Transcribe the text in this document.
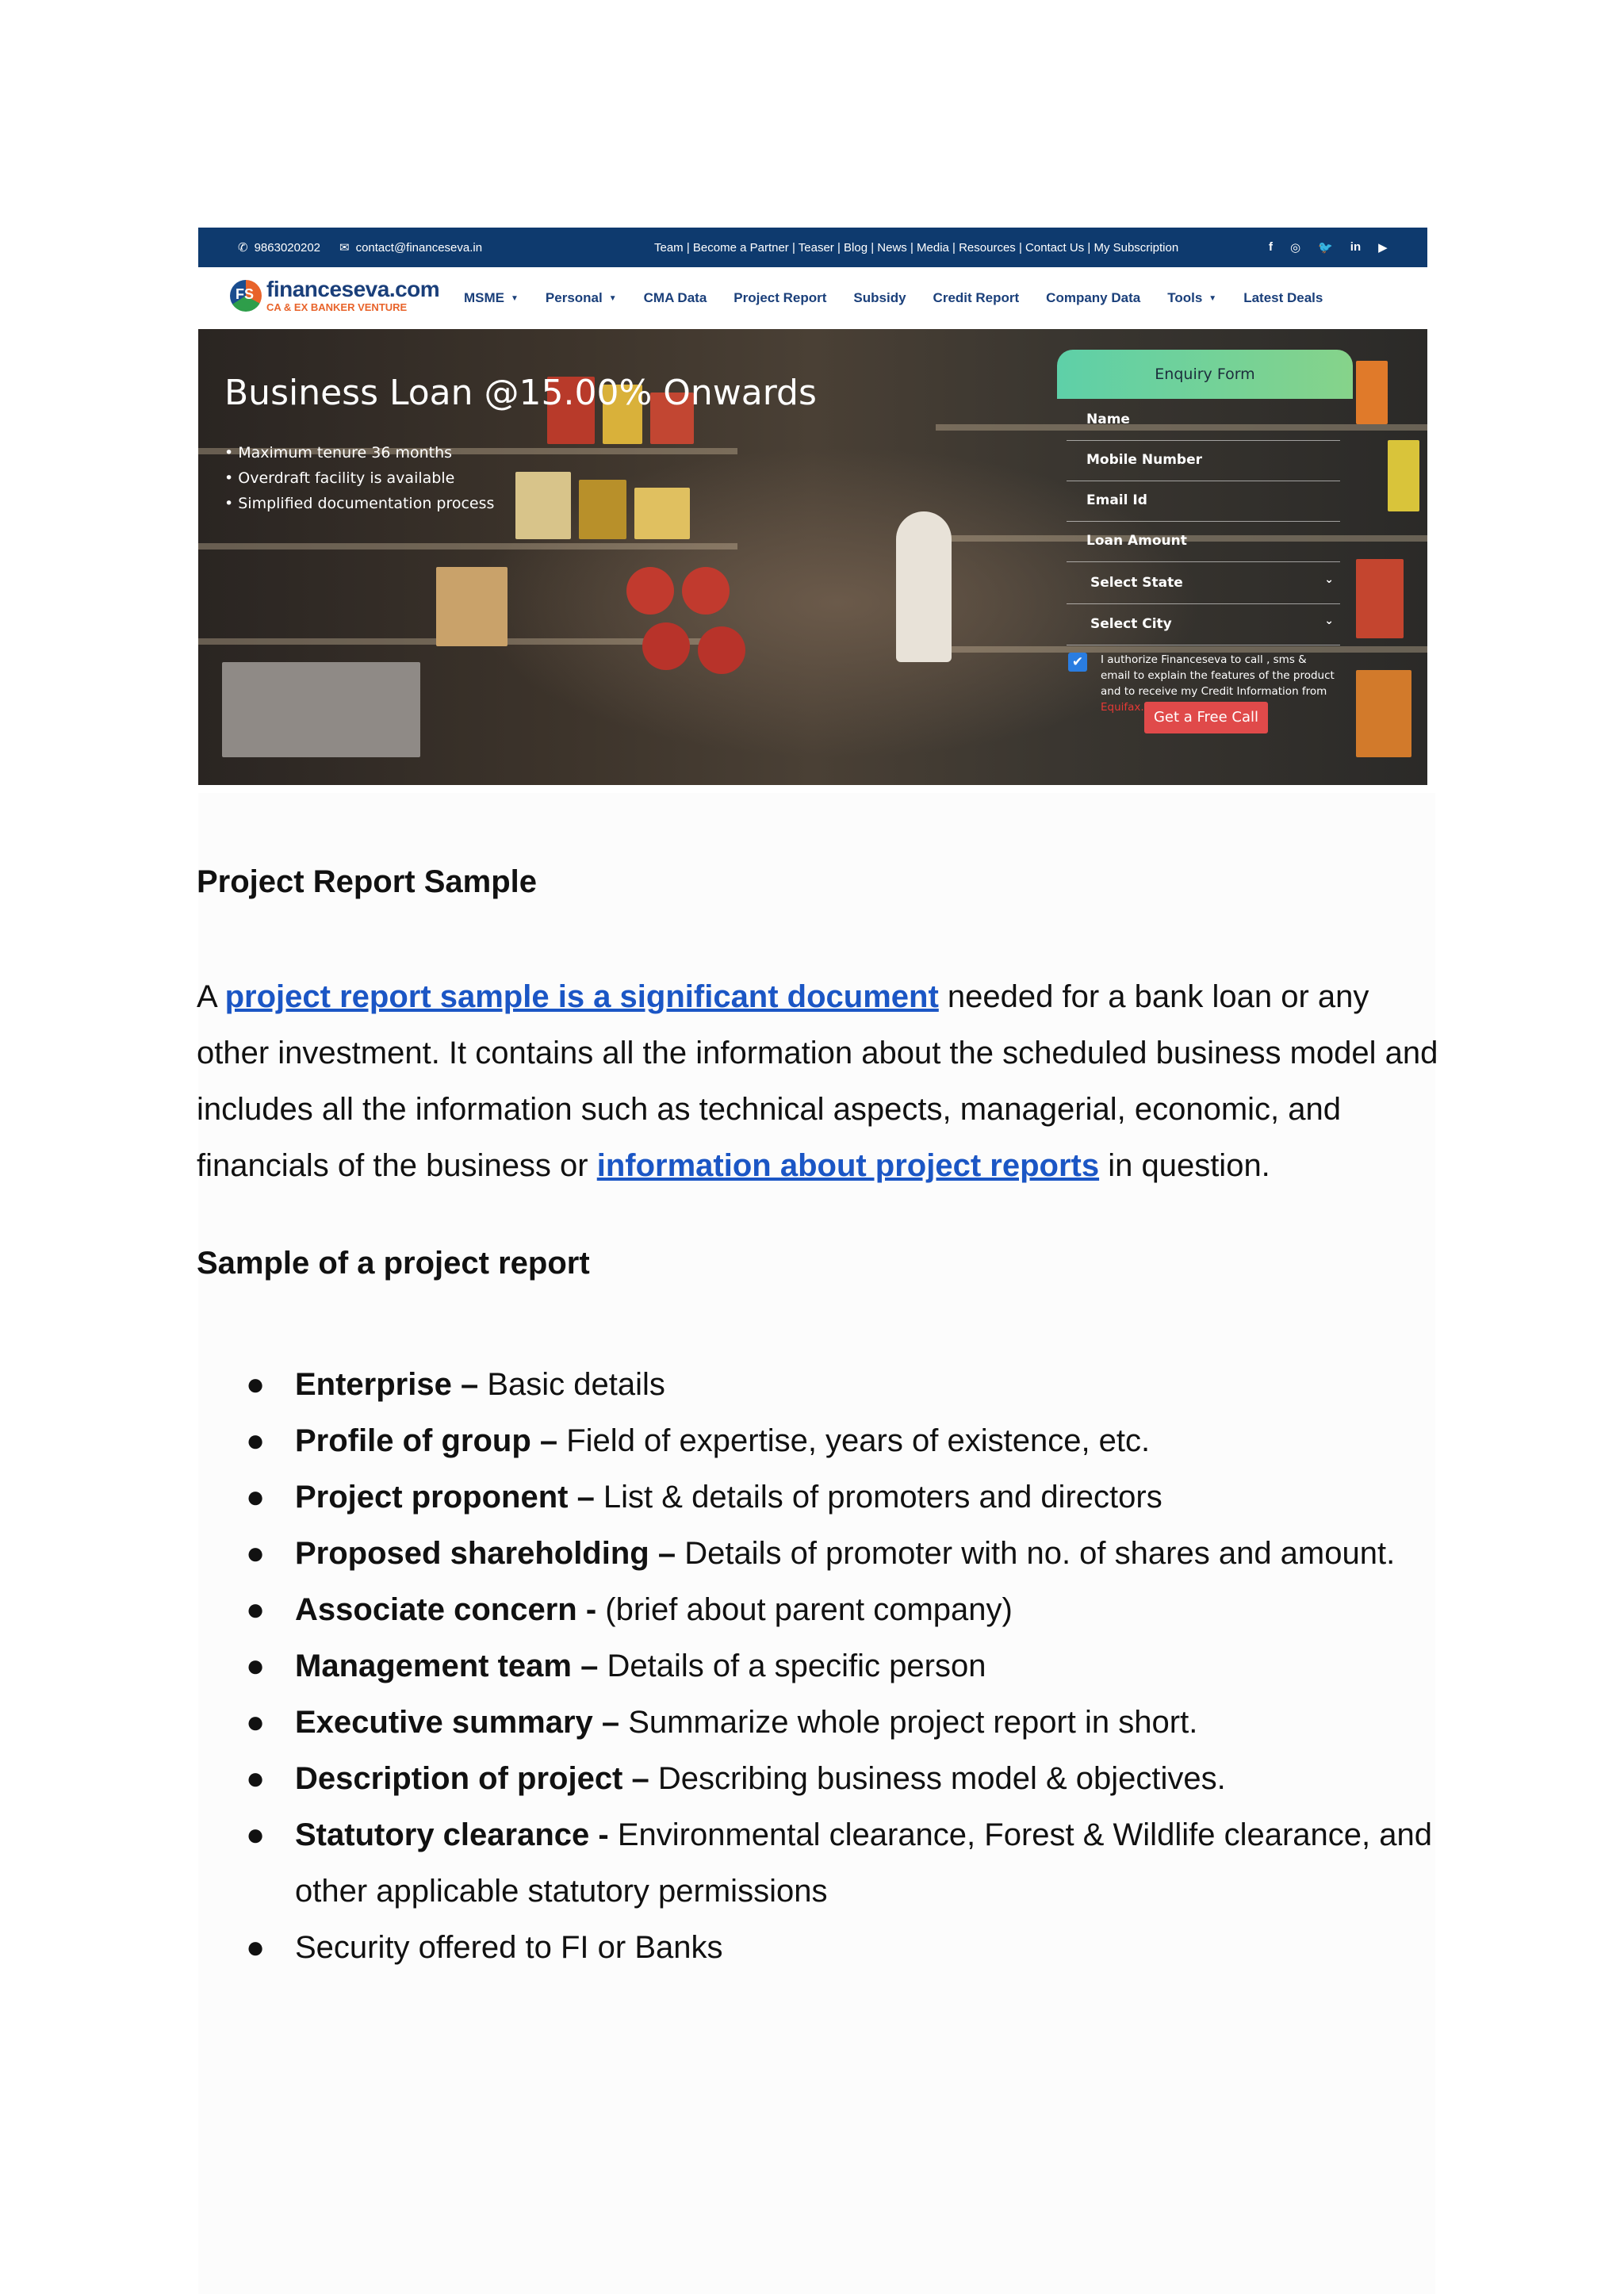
✆ 9863020202 ✉ contact@financeseva.in	Team | Become a Partner | Teaser | Blog | News | Media | Resources | Contact Us | My Subscription	f ◎ 🐦 in ▶
FS
financeseva.com
CA & EX BANKER VENTURE
MSME ▼ Personal ▼ CMA Data Project Report Subsidy Credit Report Company Data Tools ▼ Latest Deals
Business Loan @15.00% Onwards
• Maximum tenure 36 months
• Overdraft facility is available
• Simplified documentation process
Enquiry Form
Name
Mobile Number
Email Id
Loan Amount
Select State	⌄
Select City	⌄
✔	I authorize Financeseva to call , sms & email to explain the features of the product and to receive my Credit Information from Equifax.
Get a Free Call
Project Report Sample
A project report sample is a significant document needed for a bank loan or any other investment. It contains all the information about the scheduled business model and includes all the information such as technical aspects, managerial, economic, and financials of the business or information about project reports in question.
Sample of a project report
● Enterprise – Basic details
● Profile of group – Field of expertise, years of existence, etc.
● Project proponent – List & details of promoters and directors
● Proposed shareholding – Details of promoter with no. of shares and amount.
● Associate concern - (brief about parent company)
● Management team – Details of a specific person
● Executive summary – Summarize whole project report in short.
● Description of project – Describing business model & objectives.
● Statutory clearance - Environmental clearance, Forest & Wildlife clearance, and other applicable statutory permissions
● Security offered to FI or Banks
